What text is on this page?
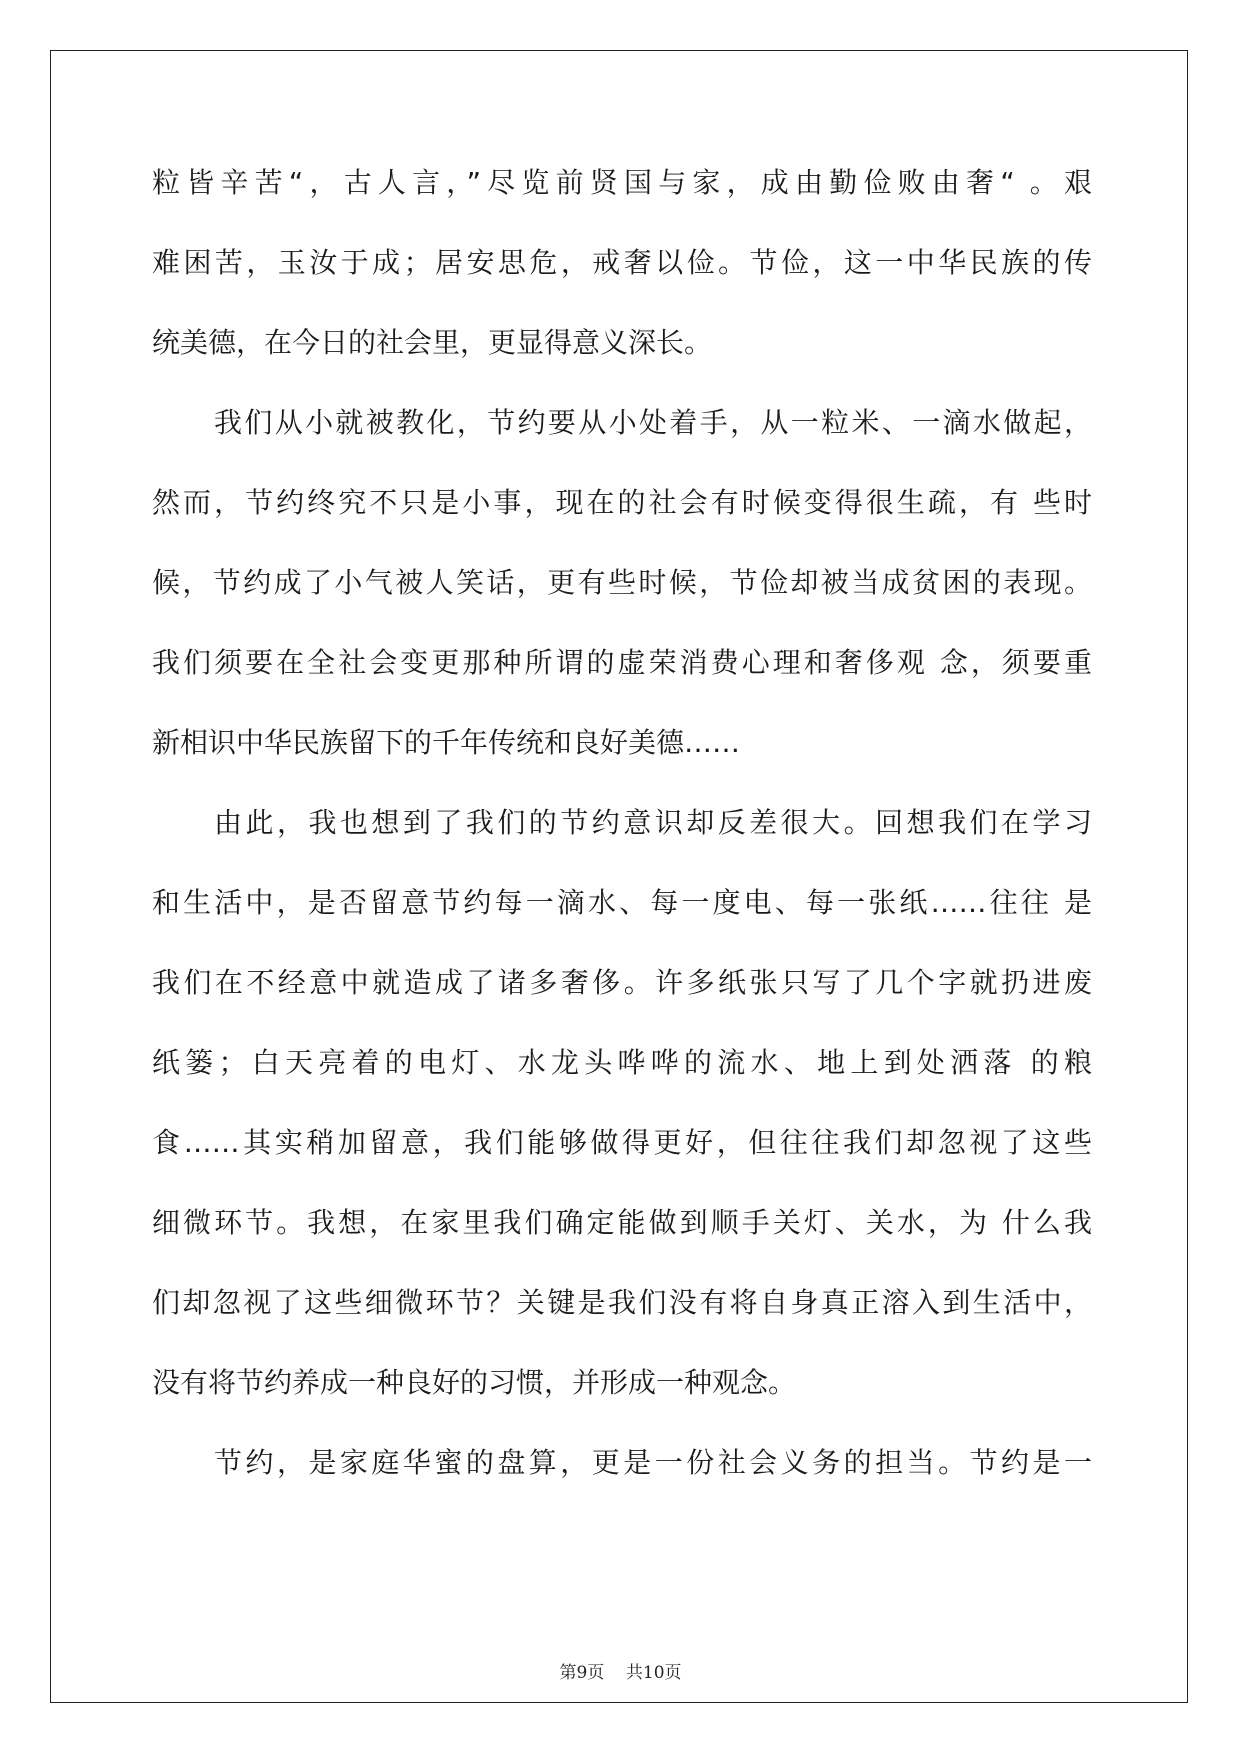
粒皆辛苦“，古人言，”尽览前贤国与家，成由勤俭败由奢“ 。艰
难困苦，玉汝于成；居安思危，戒奢以俭。节俭，这一中华民族的传
统美德，在今日的社会里，更显得意义深长。
我们从小就被教化，节约要从小处着手，从一粒米、一滴水做起，
然而，节约终究不只是小事，现在的社会有时候变得很生疏，有 些时
候，节约成了小气被人笑话，更有些时候，节俭却被当成贫困的表现。
我们须要在全社会变更那种所谓的虚荣消费心理和奢侈观 念，须要重
新相识中华民族留下的千年传统和良好美德……
由此，我也想到了我们的节约意识却反差很大。回想我们在学习
和生活中，是否留意节约每一滴水、每一度电、每一张纸……往往 是
我们在不经意中就造成了诸多奢侈。许多纸张只写了几个字就扔进废
纸篓；白天亮着的电灯、水龙头哗哗的流水、地上到处洒落 的粮
食……其实稍加留意，我们能够做得更好，但往往我们却忽视了这些
细微环节。我想，在家里我们确定能做到顺手关灯、关水，为 什么我
们却忽视了这些细微环节？关键是我们没有将自身真正溶入到生活中，
没有将节约养成一种良好的习惯，并形成一种观念。
节约，是家庭华蜜的盘算，更是一份社会义务的担当。节约是一
第9页 共10页
